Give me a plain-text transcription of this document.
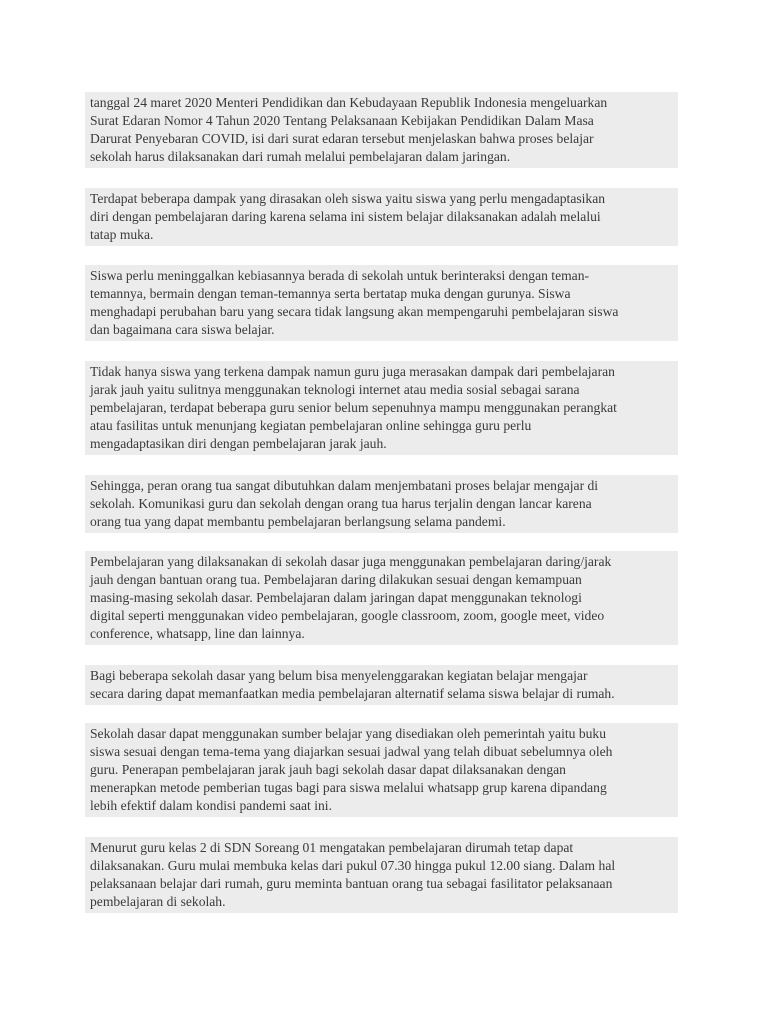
tanggal 24 maret 2020 Menteri Pendidikan dan Kebudayaan Republik Indonesia mengeluarkan
Surat Edaran Nomor 4 Tahun 2020 Tentang Pelaksanaan Kebijakan Pendidikan Dalam Masa
Darurat Penyebaran COVID, isi dari surat edaran tersebut menjelaskan bahwa proses belajar
sekolah harus dilaksanakan dari rumah melalui pembelajaran dalam jaringan.
Terdapat beberapa dampak yang dirasakan oleh siswa yaitu siswa yang perlu mengadaptasikan
diri dengan pembelajaran daring karena selama ini sistem belajar dilaksanakan adalah melalui
tatap muka.
Siswa perlu meninggalkan kebiasannya berada di sekolah untuk berinteraksi dengan teman-
temannya, bermain dengan teman-temannya serta bertatap muka dengan gurunya. Siswa
menghadapi perubahan baru yang secara tidak langsung akan mempengaruhi pembelajaran siswa
dan bagaimana cara siswa belajar.
Tidak hanya siswa yang terkena dampak namun guru juga merasakan dampak dari pembelajaran
jarak jauh yaitu sulitnya menggunakan teknologi internet atau media sosial sebagai sarana
pembelajaran, terdapat beberapa guru senior belum sepenuhnya mampu menggunakan perangkat
atau fasilitas untuk menunjang kegiatan pembelajaran online sehingga guru perlu
mengadaptasikan diri dengan pembelajaran jarak jauh.
Sehingga, peran orang tua sangat dibutuhkan dalam menjembatani proses belajar mengajar di
sekolah. Komunikasi guru dan sekolah dengan orang tua harus terjalin dengan lancar karena
orang tua yang dapat membantu pembelajaran berlangsung selama pandemi.
Pembelajaran yang dilaksanakan di sekolah dasar juga menggunakan pembelajaran daring/jarak
jauh dengan bantuan orang tua. Pembelajaran daring dilakukan sesuai dengan kemampuan
masing-masing sekolah dasar. Pembelajaran dalam jaringan dapat menggunakan teknologi
digital seperti menggunakan video pembelajaran, google classroom, zoom, google meet, video
conference, whatsapp, line dan lainnya.
Bagi beberapa sekolah dasar yang belum bisa menyelenggarakan kegiatan belajar mengajar
secara daring dapat memanfaatkan media pembelajaran alternatif selama siswa belajar di rumah.
Sekolah dasar dapat menggunakan sumber belajar yang disediakan oleh pemerintah yaitu buku
siswa sesuai dengan tema-tema yang diajarkan sesuai jadwal yang telah dibuat sebelumnya oleh
guru. Penerapan pembelajaran jarak jauh bagi sekolah dasar dapat dilaksanakan dengan
menerapkan metode pemberian tugas bagi para siswa melalui whatsapp grup karena dipandang
lebih efektif dalam kondisi pandemi saat ini.
Menurut guru kelas 2 di SDN Soreang 01 mengatakan pembelajaran dirumah tetap dapat
dilaksanakan. Guru mulai membuka kelas dari pukul 07.30 hingga pukul 12.00 siang. Dalam hal
pelaksanaan belajar dari rumah, guru meminta bantuan orang tua sebagai fasilitator pelaksanaan
pembelajaran di sekolah.
